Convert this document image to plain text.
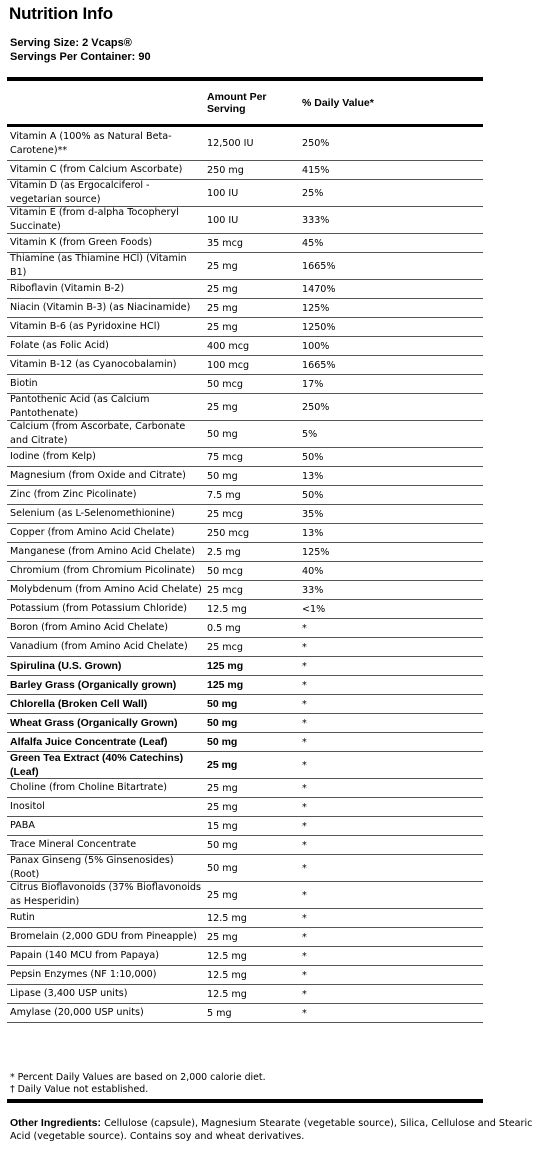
Nutrition Info
Serving Size: 2 Vcaps®
Servings Per Container: 90
Amount Per Serving	% Daily Value*
Vitamin A (100% as Natural Beta-Carotene)**
12,500 IU	250%
Vitamin C (from Calcium Ascorbate)	250 mg	415%
Vitamin D (as Ergocalciferol - vegetarian source)
100 IU	25%
Vitamin E (from d-alpha Tocopheryl Succinate)
100 IU	333%
Vitamin K (from Green Foods)	35 mcg	45%
Thiamine (as Thiamine HCl) (Vitamin B1)
25 mg	1665%
Riboflavin (Vitamin B-2)	25 mg	1470%
Niacin (Vitamin B-3) (as Niacinamide)	25 mg	125%
Vitamin B-6 (as Pyridoxine HCl)	25 mg	1250%
Folate (as Folic Acid)	400 mcg	100%
Vitamin B-12 (as Cyanocobalamin)	100 mcg	1665%
Biotin	50 mcg	17%
Pantothenic Acid (as Calcium Pantothenate)
25 mg	250%
Calcium (from Ascorbate, Carbonate and Citrate)
50 mg	5%
Iodine (from Kelp)	75 mcg	50%
Magnesium (from Oxide and Citrate)	50 mg	13%
Zinc (from Zinc Picolinate)	7.5 mg	50%
Selenium (as L-Selenomethionine)	25 mcg	35%
Copper (from Amino Acid Chelate)	250 mcg	13%
Manganese (from Amino Acid Chelate)	2.5 mg	125%
Chromium (from Chromium Picolinate)	50 mcg	40%
Molybdenum (from Amino Acid Chelate) 25 mcg	33%
Potassium (from Potassium Chloride)	12.5 mg	<1%
Boron (from Amino Acid Chelate)	0.5 mg	*
Vanadium (from Amino Acid Chelate)	25 mcg	*
Spirulina (U.S. Grown)	125 mg	*
Barley Grass (Organically grown)	125 mg	*
Chlorella (Broken Cell Wall)	50 mg	*
Wheat Grass (Organically Grown)	50 mg	*
Alfalfa Juice Concentrate (Leaf)	50 mg	*
Green Tea Extract (40% Catechins) (Leaf)
25 mg	*
Choline (from Choline Bitartrate)	25 mg	*
Inositol	25 mg	*
PABA	15 mg	*
Trace Mineral Concentrate	50 mg	*
Panax Ginseng (5% Ginsenosides) (Root)
50 mg	*
Citrus Bioflavonoids (37% Bioflavonoids as Hesperidin)
25 mg	*
Rutin	12.5 mg	*
Bromelain (2,000 GDU from Pineapple)	25 mg	*
Papain (140 MCU from Papaya)	12.5 mg	*
Pepsin Enzymes (NF 1:10,000)	12.5 mg	*
Lipase (3,400 USP units)	12.5 mg	*
Amylase (20,000 USP units)	5 mg	*
* Percent Daily Values are based on 2,000 calorie diet.
† Daily Value not established.
Other Ingredients: Cellulose (capsule), Magnesium Stearate (vegetable source), Silica, Cellulose and Stearic Acid (vegetable source). Contains soy and wheat derivatives.
